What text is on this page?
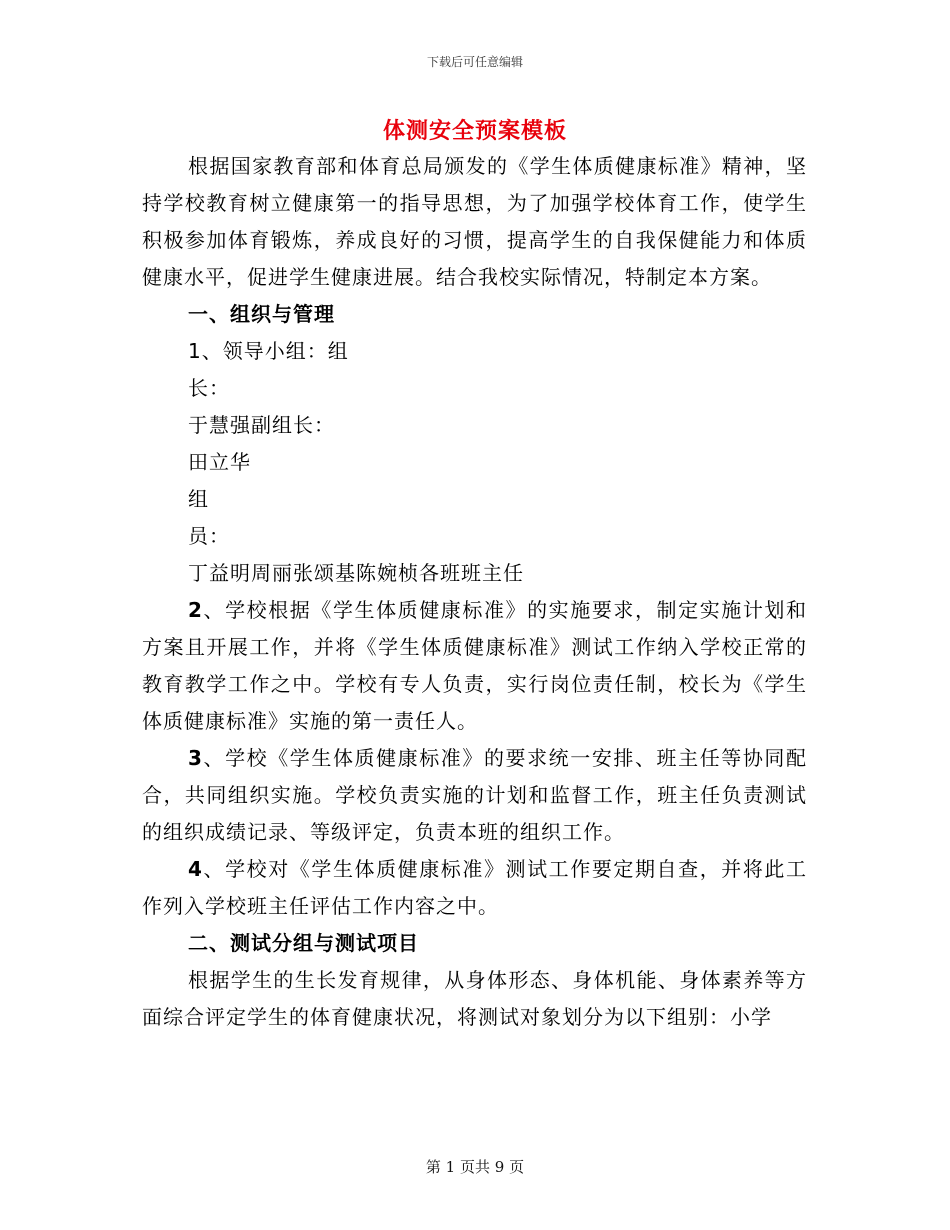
下载后可任意编辑
体测安全预案模板

根据国家教育部和体育总局颁发的《学生体质健康标准》精神，坚持学校教育树立健康第一的指导思想，为了加强学校体育工作，使学生积极参加体育锻炼，养成良好的习惯，提高学生的自我保健能力和体质健康水平，促进学生健康进展。结合我校实际情况，特制定本方案。

一、组织与管理

1、领导小组：组

长：

于慧强副组长：

田立华

组

员：

丁益明周丽张颂基陈婉桢各班班主任

2、学校根据《学生体质健康标准》的实施要求，制定实施计划和方案且开展工作，并将《学生体质健康标准》测试工作纳入学校正常的教育教学工作之中。学校有专人负责，实行岗位责任制，校长为《学生体质健康标准》实施的第一责任人。

3、学校《学生体质健康标准》的要求统一安排、班主任等协同配合，共同组织实施。学校负责实施的计划和监督工作，班主任负责测试的组织成绩记录、等级评定，负责本班的组织工作。

4、学校对《学生体质健康标准》测试工作要定期自查，并将此工作列入学校班主任评估工作内容之中。

二、测试分组与测试项目

根据学生的生长发育规律，从身体形态、身体机能、身体素养等方面综合评定学生的体育健康状况，将测试对象划分为以下组别：小学

第 1 页共 9 页
